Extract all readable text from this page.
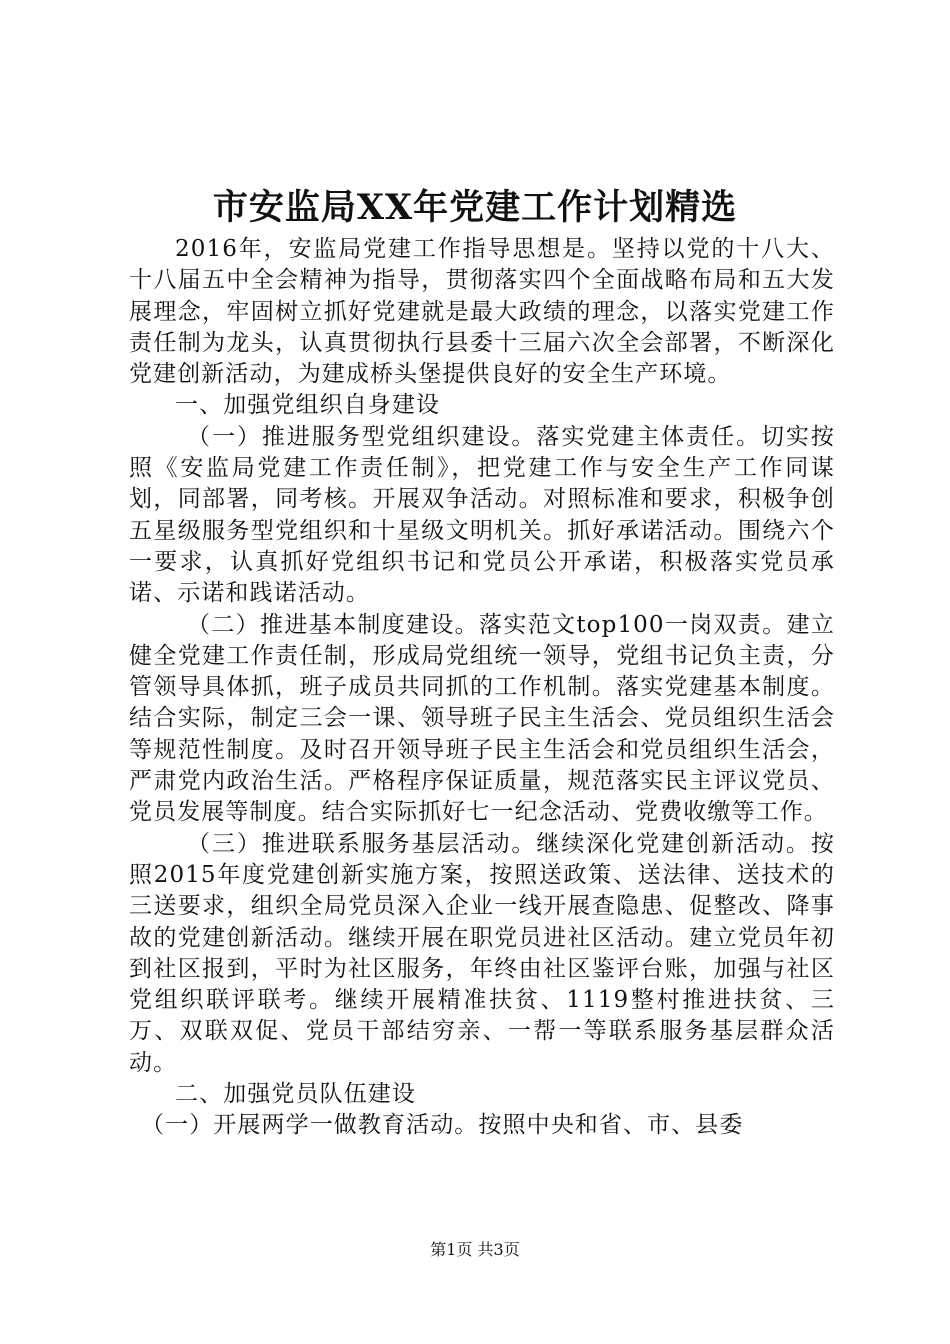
市安监局XX年党建工作计划精选

2016年，安监局党建工作指导思想是。坚持以党的十八大、十八届五中全会精神为指导，贯彻落实四个全面战略布局和五大发展理念，牢固树立抓好党建就是最大政绩的理念，以落实党建工作责任制为龙头，认真贯彻执行县委十三届六次全会部署，不断深化党建创新活动，为建成桥头堡提供良好的安全生产环境。

一、加强党组织自身建设

（一）推进服务型党组织建设。落实党建主体责任。切实按照《安监局党建工作责任制》，把党建工作与安全生产工作同谋划，同部署，同考核。开展双争活动。对照标准和要求，积极争创五星级服务型党组织和十星级文明机关。抓好承诺活动。围绕六个一要求，认真抓好党组织书记和党员公开承诺，积极落实党员承诺、示诺和践诺活动。

（二）推进基本制度建设。落实范文top100一岗双责。建立健全党建工作责任制，形成局党组统一领导，党组书记负主责，分管领导具体抓，班子成员共同抓的工作机制。落实党建基本制度。结合实际，制定三会一课、领导班子民主生活会、党员组织生活会等规范性制度。及时召开领导班子民主生活会和党员组织生活会，严肃党内政治生活。严格程序保证质量，规范落实民主评议党员、党员发展等制度。结合实际抓好七一纪念活动、党费收缴等工作。

（三）推进联系服务基层活动。继续深化党建创新活动。按照2015年度党建创新实施方案，按照送政策、送法律、送技术的三送要求，组织全局党员深入企业一线开展查隐患、促整改、降事故的党建创新活动。继续开展在职党员进社区活动。建立党员年初到社区报到，平时为社区服务，年终由社区鉴评台账，加强与社区党组织联评联考。继续开展精准扶贫、1119整村推进扶贫、三万、双联双促、党员干部结穷亲、一帮一等联系服务基层群众活动。

二、加强党员队伍建设

（一）开展两学一做教育活动。按照中央和省、市、县委

第1页 共3页
